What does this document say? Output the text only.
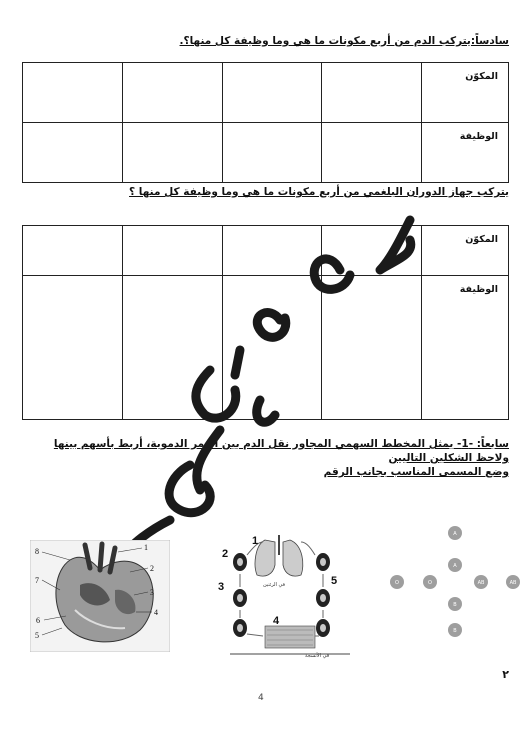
سادساً:يتركب الدم من أربع مكونات ما هي وما وظيفة كل منها؟.
				المكوّن
				الوظيفة
يتركب جهاز الدوران البلغمي من أربع مكونات ما هي وما وظيفة كل منها ؟
				المكوّن
				الوظيفة
سابعاً: -1- يمثل المخطط السهمي المجاور نقل الدم بين الزمر الدموية، أربط بأسهم بينها ولاحظ الشكلين التاليين
وضع المسمى المناسب بجانب الرقم
1
2
3
4
5
6
7
8
في الرئتين
في الأنسجة
1
2
3
4
5
A
A
O	O	AB	AB
B
B
٢
4
